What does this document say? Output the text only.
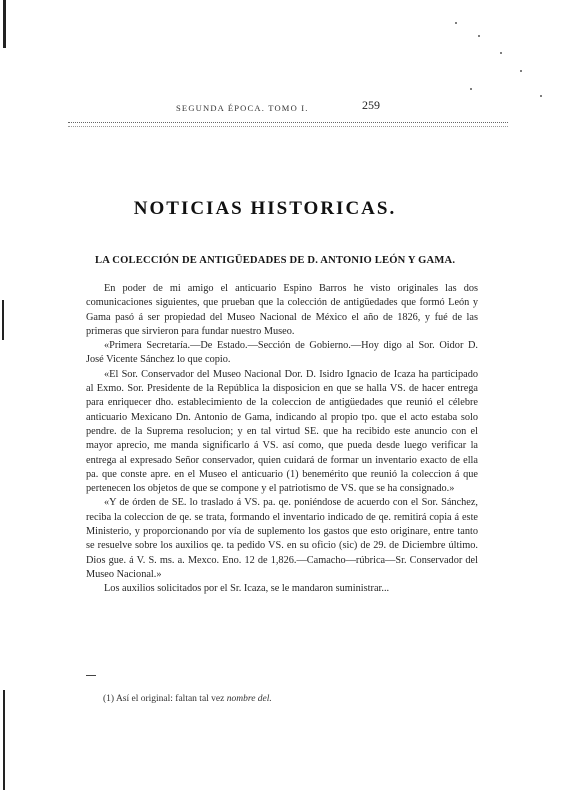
SEGUNDA ÉPOCA. TOMO I.	259
NOTICIAS HISTORICAS.
LA COLECCIÓN DE ANTIGÜEDADES DE D. ANTONIO LEÓN Y GAMA.

En poder de mi amigo el anticuario Espino Barros he visto originales las dos comunicaciones siguientes, que prueban que la colección de antigüedades que formó León y Gama pasó á ser propiedad del Museo Nacional de México el año de 1826, y fué de las primeras que sirvieron para fundar nuestro Museo.

«Primera Secretaría.—De Estado.—Sección de Gobierno.—Hoy digo al Sor. Oidor D. José Vicente Sánchez lo que copio.

«El Sor. Conservador del Museo Nacional Dor. D. Isidro Ignacio de Icaza ha participado al Exmo. Sor. Presidente de la República la disposicion en que se halla VS. de hacer entrega para enriquecer dho. establecimiento de la coleccion de antigüedades que reunió el célebre anticuario Mexicano Dn. Antonio de Gama, indicando al propio tpo. que el acto estaba solo pendre. de la Suprema resolucion; y en tal virtud SE. que ha recibido este anuncio con el mayor aprecio, me manda significarlo á VS. así como, que pueda desde luego verificar la entrega al expresado Señor conservador, quien cuidará de formar un inventario exacto de ella pa. que conste apre. en el Museo el anticuario (1) benemérito que reunió la coleccion á que pertenecen los objetos de que se compone y el patriotismo de VS. que se ha consignado.»

«Y de órden de SE. lo traslado á VS. pa. qe. poniéndose de acuerdo con el Sor. Sánchez, reciba la coleccion de qe. se trata, formando el inventario indicado de qe. remitirá copia á este Ministerio, y proporcionando por vía de suplemento los gastos que esto originare, entre tanto se resuelve sobre los auxilios qe. ta pedido VS. en su oficio (sic) de 29. de Diciembre último. Dios gue. á V. S. ms. a. Mexco. Eno. 12 de 1,826.—Camacho—rúbrica—Sr. Conservador del Museo Nacional.»

Los auxilios solicitados por el Sr. Icaza, se le mandaron suministrar...

(1) Así el original: faltan tal vez nombre del.
